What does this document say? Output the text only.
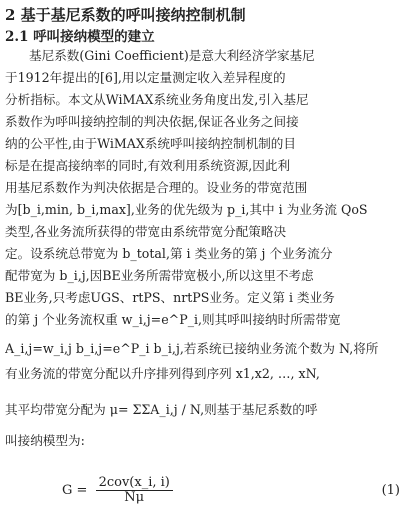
2 基于基尼系数的呼叫接纳控制机制
2.1 呼叫接纳模型的建立
基尼系数(Gini Coefficient)是意大利经济学家基尼
于1912年提出的[6],用以定量测定收入差异程度的
分析指标。本文从WiMAX系统业务角度出发,引入基尼
系数作为呼叫接纳控制的判决依据,保证各业务之间接
纳的公平性,由于WiMAX系统呼叫接纳控制机制的目
标是在提高接纳率的同时,有效利用系统资源,因此利
用基尼系数作为判决依据是合理的。设业务的带宽范围
为[b_i,min, b_i,max],业务的优先级为 p_i,其中 i 为业务流 QoS
类型,各业务流所获得的带宽由系统带宽分配策略决
定。设系统总带宽为 b_total,第 i 类业务的第 j 个业务流分
配带宽为 b_i,j,因BE业务所需带宽极小,所以这里不考虑
BE业务,只考虑UGS、rtPS、nrtPS业务。定义第 i 类业务
的第 j 个业务流权重 w_i,j=e^P_i,则其呼叫接纳时所需带宽
A_i,j=w_i,j b_i,j=e^P_i b_i,j,若系统已接纳业务流个数为 N,将所
有业务流的带宽分配以升序排列得到序列 x1,x2, …, xN,
其平均带宽分配为 μ= ΣΣA_i,j / N,则基于基尼系数的呼
叫接纳模型为:
$G = \frac{\text{2cov(x\_i, i)}}{N\mu}$	(1)
